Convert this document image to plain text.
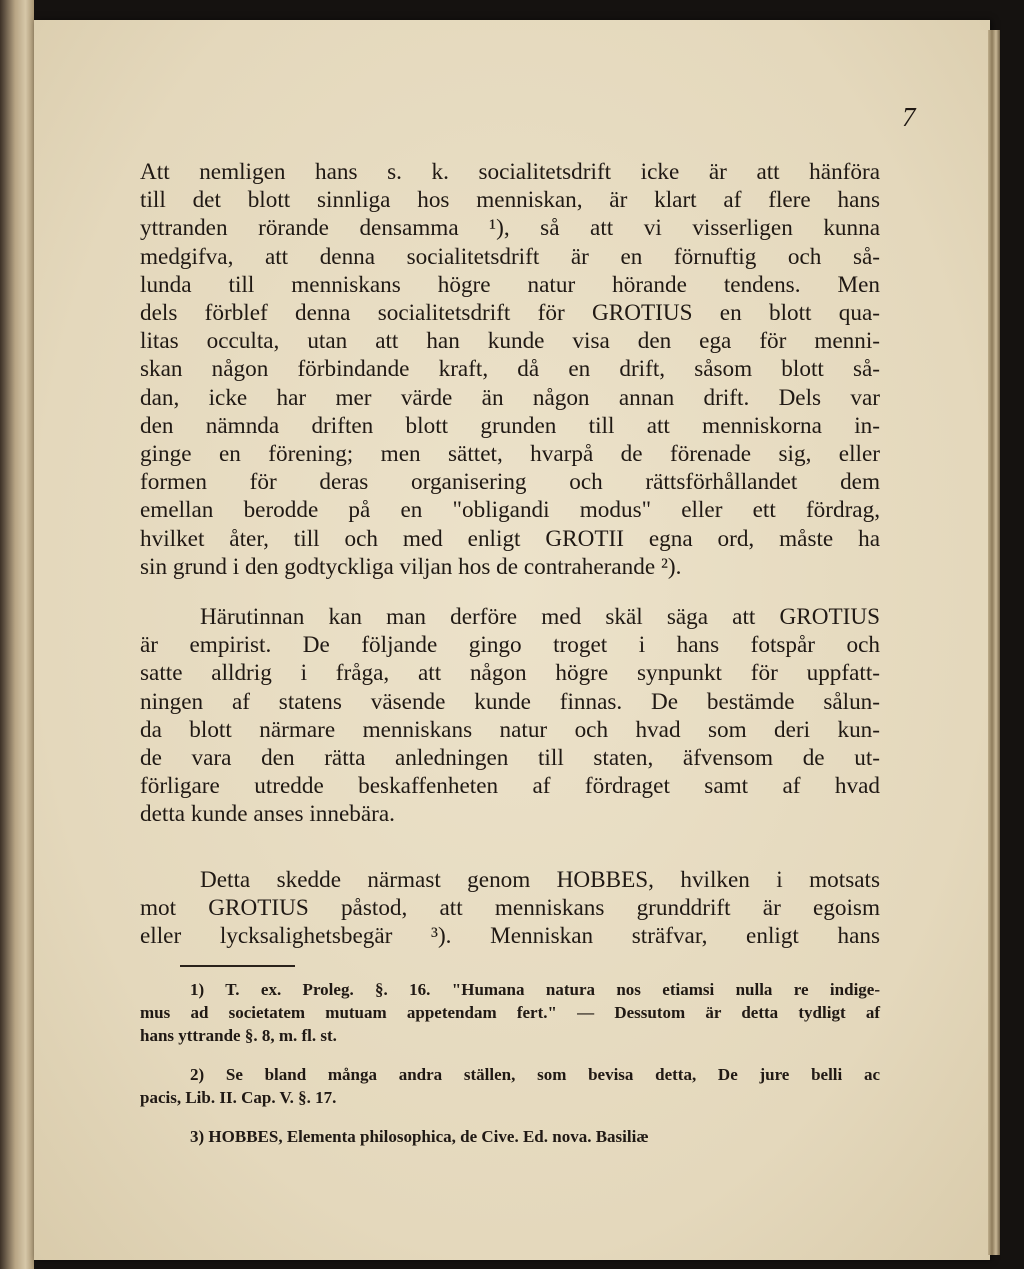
7

Att nemligen hans s. k. socialitetsdrift icke är att hänföra
till det blott sinnliga hos menniskan, är klart af flere hans
yttranden rörande densamma ¹), så att vi visserligen kunna
medgifva, att denna socialitetsdrift är en förnuftig och så-
lunda till menniskans högre natur hörande tendens. Men
dels förblef denna socialitetsdrift för GROTIUS en blott qua-
litas occulta, utan att han kunde visa den ega för menni-
skan någon förbindande kraft, då en drift, såsom blott så-
dan, icke har mer värde än någon annan drift. Dels var
den nämnda driften blott grunden till att menniskorna in-
ginge en förening; men sättet, hvarpå de förenade sig, eller
formen för deras organisering och rättsförhållandet dem
emellan berodde på en "obligandi modus" eller ett fördrag,
hvilket åter, till och med enligt GROTII egna ord, måste ha
sin grund i den godtyckliga viljan hos de contraherande ²).

Härutinnan kan man derföre med skäl säga att GROTIUS
är empirist. De följande gingo troget i hans fotspår och
satte alldrig i fråga, att någon högre synpunkt för uppfatt-
ningen af statens väsende kunde finnas. De bestämde sålun-
da blott närmare menniskans natur och hvad som deri kun-
de vara den rätta anledningen till staten, äfvensom de ut-
förligare utredde beskaffenheten af fördraget samt af hvad
detta kunde anses innebära.

Detta skedde närmast genom HOBBES, hvilken i motsats
mot GROTIUS påstod, att menniskans grunddrift är egoism
eller lycksalighetsbegär ³). Menniskan sträfvar, enligt hans

1) T. ex. Proleg. §. 16. "Humana natura nos etiamsi nulla re indige-
mus ad societatem mutuam appetendam fert." — Dessutom är detta tydligt af
hans yttrande §. 8, m. fl. st.
2) Se bland många andra ställen, som bevisa detta, De jure belli ac
pacis, Lib. II. Cap. V. §. 17.
3) HOBBES, Elementa philosophica, de Cive. Ed. nova. Basiliæ
